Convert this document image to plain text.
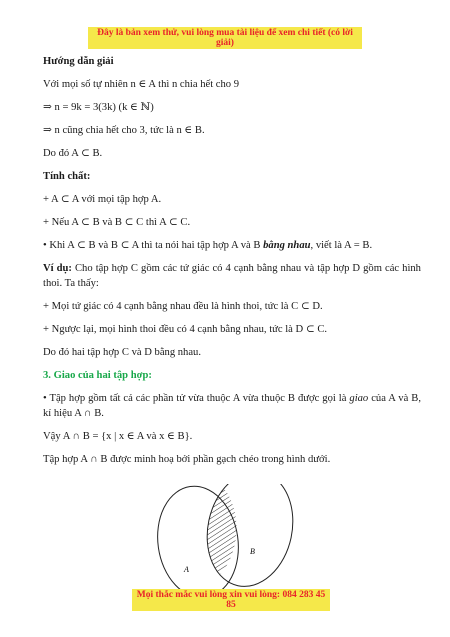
Đây là bản xem thử, vui lòng mua tài liệu để xem chi tiết (có lời giải)

Hướng dẫn giải

Với mọi số tự nhiên n ∈ A thì n chia hết cho 9

⇒ n = 9k = 3(3k) (k ∈ ℕ)

⇒ n cũng chia hết cho 3, tức là n ∈ B.

Do đó A ⊂ B.

Tính chất:

+ A ⊂ A với mọi tập hợp A.

+ Nếu A ⊂ B và B ⊂ C thì A ⊂ C.

• Khi A ⊂ B và B ⊂ A thì ta nói hai tập hợp A và B bằng nhau, viết là A = B.

Ví dụ: Cho tập hợp C gồm các tứ giác có 4 cạnh bằng nhau và tập hợp D gồm các hình thoi. Ta thấy:

+ Mọi tứ giác có 4 cạnh bằng nhau đều là hình thoi, tức là C ⊂ D.

+ Ngược lại, mọi hình thoi đều có 4 cạnh bằng nhau, tức là D ⊂ C.

Do đó hai tập hợp C và D bằng nhau.

3. Giao của hai tập hợp:

• Tập hợp gồm tất cả các phần tử vừa thuộc A vừa thuộc B được gọi là giao của A và B, kí hiệu A ∩ B.

Vậy A ∩ B = {x | x ∈ A và x ∈ B}.

Tập hợp A ∩ B được minh hoạ bởi phần gạch chéo trong hình dưới.

A
B
Mọi thắc mắc vui lòng xin vui lòng: 084 283 45 85
